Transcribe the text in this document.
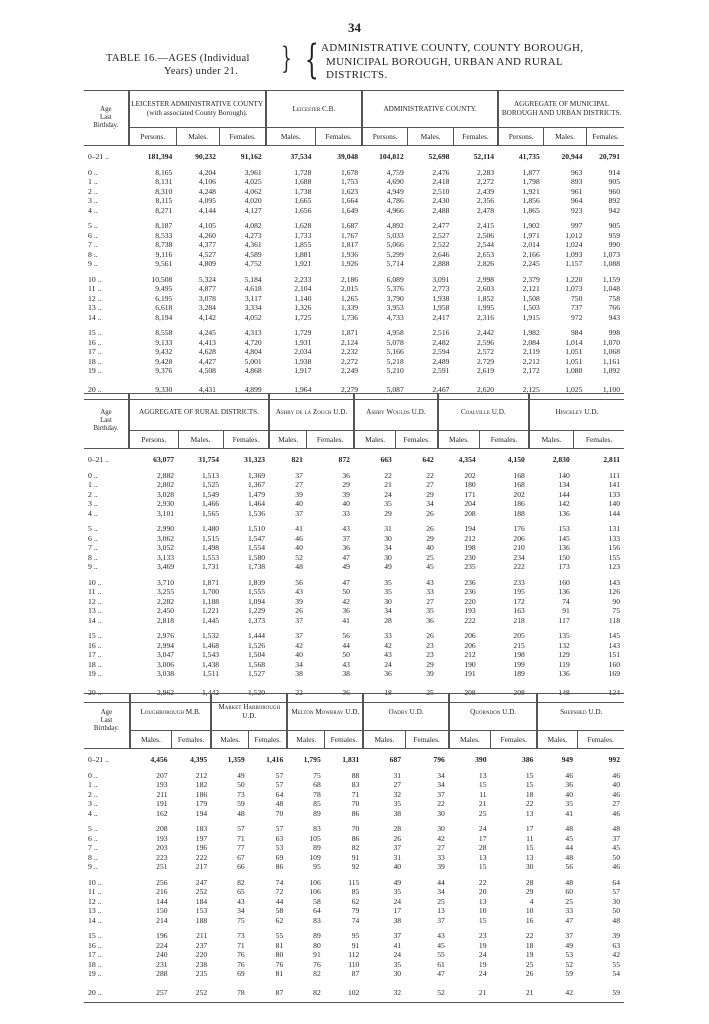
34
TABLE 16.—AGES (Individual
Years) under 21.	} { ADMINISTRATIVE COUNTY, COUNTY BOROUGH,
MUNICIPAL BOROUGH, URBAN AND RURAL
DISTRICTS.
Age
Last
Birthday.	LEICESTER ADMINISTRATIVE COUNTY (with associated County Borough).			Leicester C.B.		ADMINISTRATIVE COUNTY.			AGGREGATE OF MUNICIPAL BOROUGH AND URBAN DISTRICTS.		
	Persons.	Males.	Females.	Males.	Females.	Persons.	Males.	Females.	Persons.	Males.	Females.

0–21 ..	181,394	90,232	91,162	37,534	39,048	104,812	52,698	52,114	41,735	20,944	20,791
0 ..	8,165	4,204	3,961	1,728	1,678	4,759	2,476	2,283	1,877	963	914
1 ..	8,131	4,106	4,025	1,688	1,753	4,690	2,418	2,272	1,798	893	905
2 ..	8,310	4,248	4,062	1,738	1,623	4,949	2,510	2,439	1,921	961	960
3 ..	8,115	4,095	4,020	1,665	1,664	4,786	2,430	2,356	1,856	964	892
4 ..	8,271	4,144	4,127	1,656	1,649	4,966	2,488	2,478	1,865	923	942
5 ..	8,187	4,105	4,082	1,628	1,687	4,892	2,477	2,415	1,902	997	905
6 ..	8,533	4,260	4,273	1,733	1,767	5,033	2,527	2,506	1,971	1,012	959
7 ..	8,738	4,377	4,361	1,855	1,817	5,066	2,522	2,544	2,014	1,024	990
8 ..	9,116	4,527	4,589	1,881	1,936	5,299	2,646	2,653	2,166	1,093	1,073
9 ..	9,561	4,809	4,752	1,921	1,926	5,714	2,888	2,826	2,245	1,157	1,088
10 ..	10,508	5,324	5,184	2,233	2,186	6,089	3,091	2,998	2,379	1,220	1,159
11 ..	9,495	4,877	4,618	2,104	2,015	5,376	2,773	2,603	2,121	1,073	1,048
12 ..	6,195	3,078	3,117	1,140	1,265	3,790	1,938	1,852	1,508	750	758
13 ..	6,618	3,284	3,334	1,326	1,339	3,953	1,958	1,995	1,503	737	766
14 ..	8,194	4,142	4,052	1,725	1,736	4,733	2,417	2,316	1,915	972	943
15 ..	8,558	4,245	4,313	1,729	1,871	4,958	2,516	2,442	1,982	984	998
16 ..	9,133	4,413	4,720	1,931	2,124	5,078	2,482	2,596	2,084	1,014	1,070
17 ..	9,432	4,628	4,804	2,034	2,232	5,166	2,594	2,572	2,119	1,051	1,068
18 ..	9,428	4,427	5,001	1,938	2,272	5,218	2,489	2,729	2,212	1,051	1,161
19 ..	9,376	4,508	4,868	1,917	2,249	5,210	2,591	2,619	2,172	1,080	1,092
20 ..	9,330	4,431	4,899	1,964	2,279	5,087	2,467	2,620	2,125	1,025	1,100

Age
Last
Birthday.	AGGREGATE OF RURAL DISTRICTS.			Ashby de la Zouch U.D.		Ashby Woulds U.D.		Coalville U.D.		Hinckley U.D.	
	Persons.	Males.	Females.	Males.	Females.	Males.	Females.	Males.	Females.	Males.	Females.

0–21 ..	63,077	31,754	31,323	821	872	663	642	4,354	4,150	2,830	2,811
0 ..	2,882	1,513	1,369	37	36	22	22	202	168	140	111
1 ..	2,802	1,525	1,367	27	29	21	27	180	168	134	141
2 ..	3,028	1,549	1,479	39	39	24	29	171	202	144	133
3 ..	2,930	1,466	1,464	40	40	35	34	204	186	142	140
4 ..	3,101	1,565	1,536	37	33	29	26	208	188	136	144
5 ..	2,990	1,480	1,510	41	43	31	26	194	176	153	131
6 ..	3,062	1,515	1,547	46	37	30	29	212	206	145	133
7 ..	3,052	1,498	1,554	40	36	34	40	198	210	136	156
8 ..	3,133	1,553	1,580	52	47	30	25	230	234	150	155
9 ..	3,469	1,731	1,738	48	49	49	45	235	222	173	123
10 ..	3,710	1,871	1,839	56	47	35	43	236	233	160	143
11 ..	3,255	1,700	1,555	43	50	35	33	236	195	136	126
12 ..	2,282	1,188	1,094	39	42	30	27	220	172	74	90
13 ..	2,450	1,221	1,229	26	36	34	35	193	163	91	75
14 ..	2,818	1,445	1,373	37	41	28	36	222	218	117	118
15 ..	2,976	1,532	1,444	37	56	33	26	206	205	135	145
16 ..	2,994	1,468	1,526	42	44	42	23	206	215	132	143
17 ..	3,047	1,543	1,504	40	50	43	23	212	198	129	151
18 ..	3,006	1,438	1,568	34	43	24	29	190	199	119	160
19 ..	3,038	1,511	1,527	38	38	36	39	191	189	136	169
20 ..	2,962	1,442	1,520	22	36	18	25	208	208	148	124

Age
Last
Birthday.	Loughborough M.B.		Market Harborough U.D.		Melton Mowbray U.D.		Oadby U.D.		Quorndon U.D.		Shepshed U.D.	
	Males.	Females.	Males.	Females.	Males.	Females.	Males.	Females.	Males.	Females.	Males.	Females.

0–21 ..	4,456	4,395	1,359	1,416	1,795	1,831	687	796	390	386	949	992
0 ..	207	212	49	57	75	88	31	34	13	15	46	46
1 ..	193	182	50	57	68	83	27	34	15	15	36	40
2 ..	211	186	73	64	78	71	32	37	11	18	40	46
3 ..	191	179	59	48	85	70	35	22	21	22	35	27
4 ..	162	194	48	70	89	86	38	30	25	13	41	46
5 ..	208	183	57	57	83	70	28	30	24	17	48	48
6 ..	193	197	71	63	105	86	26	42	17	11	45	37
7 ..	203	196	77	53	89	82	37	27	28	15	44	45
8 ..	223	222	67	69	109	91	31	33	13	13	48	50
9 ..	251	217	66	86	95	92	40	39	15	30	56	46
10 ..	256	247	82	74	106	115	49	44	22	28	48	64
11 ..	216	252	65	72	106	85	35	34	20	29	60	57
12 ..	144	184	43	44	58	62	24	25	13	4	25	30
13 ..	150	153	34	58	64	79	17	13	10	10	33	50
14 ..	214	188	75	62	83	74	38	37	15	16	47	48
15 ..	196	211	73	55	89	95	37	43	23	22	37	39
16 ..	224	237	71	81	80	91	41	45	19	18	49	63
17 ..	240	220	76	80	91	112	24	55	24	19	53	42
18 ..	231	238	76	76	76	110	35	61	19	25	52	55
19 ..	288	235	69	81	82	87	30	47	24	26	59	54
20 ..	257	252	78	87	82	102	32	52	21	21	42	59
